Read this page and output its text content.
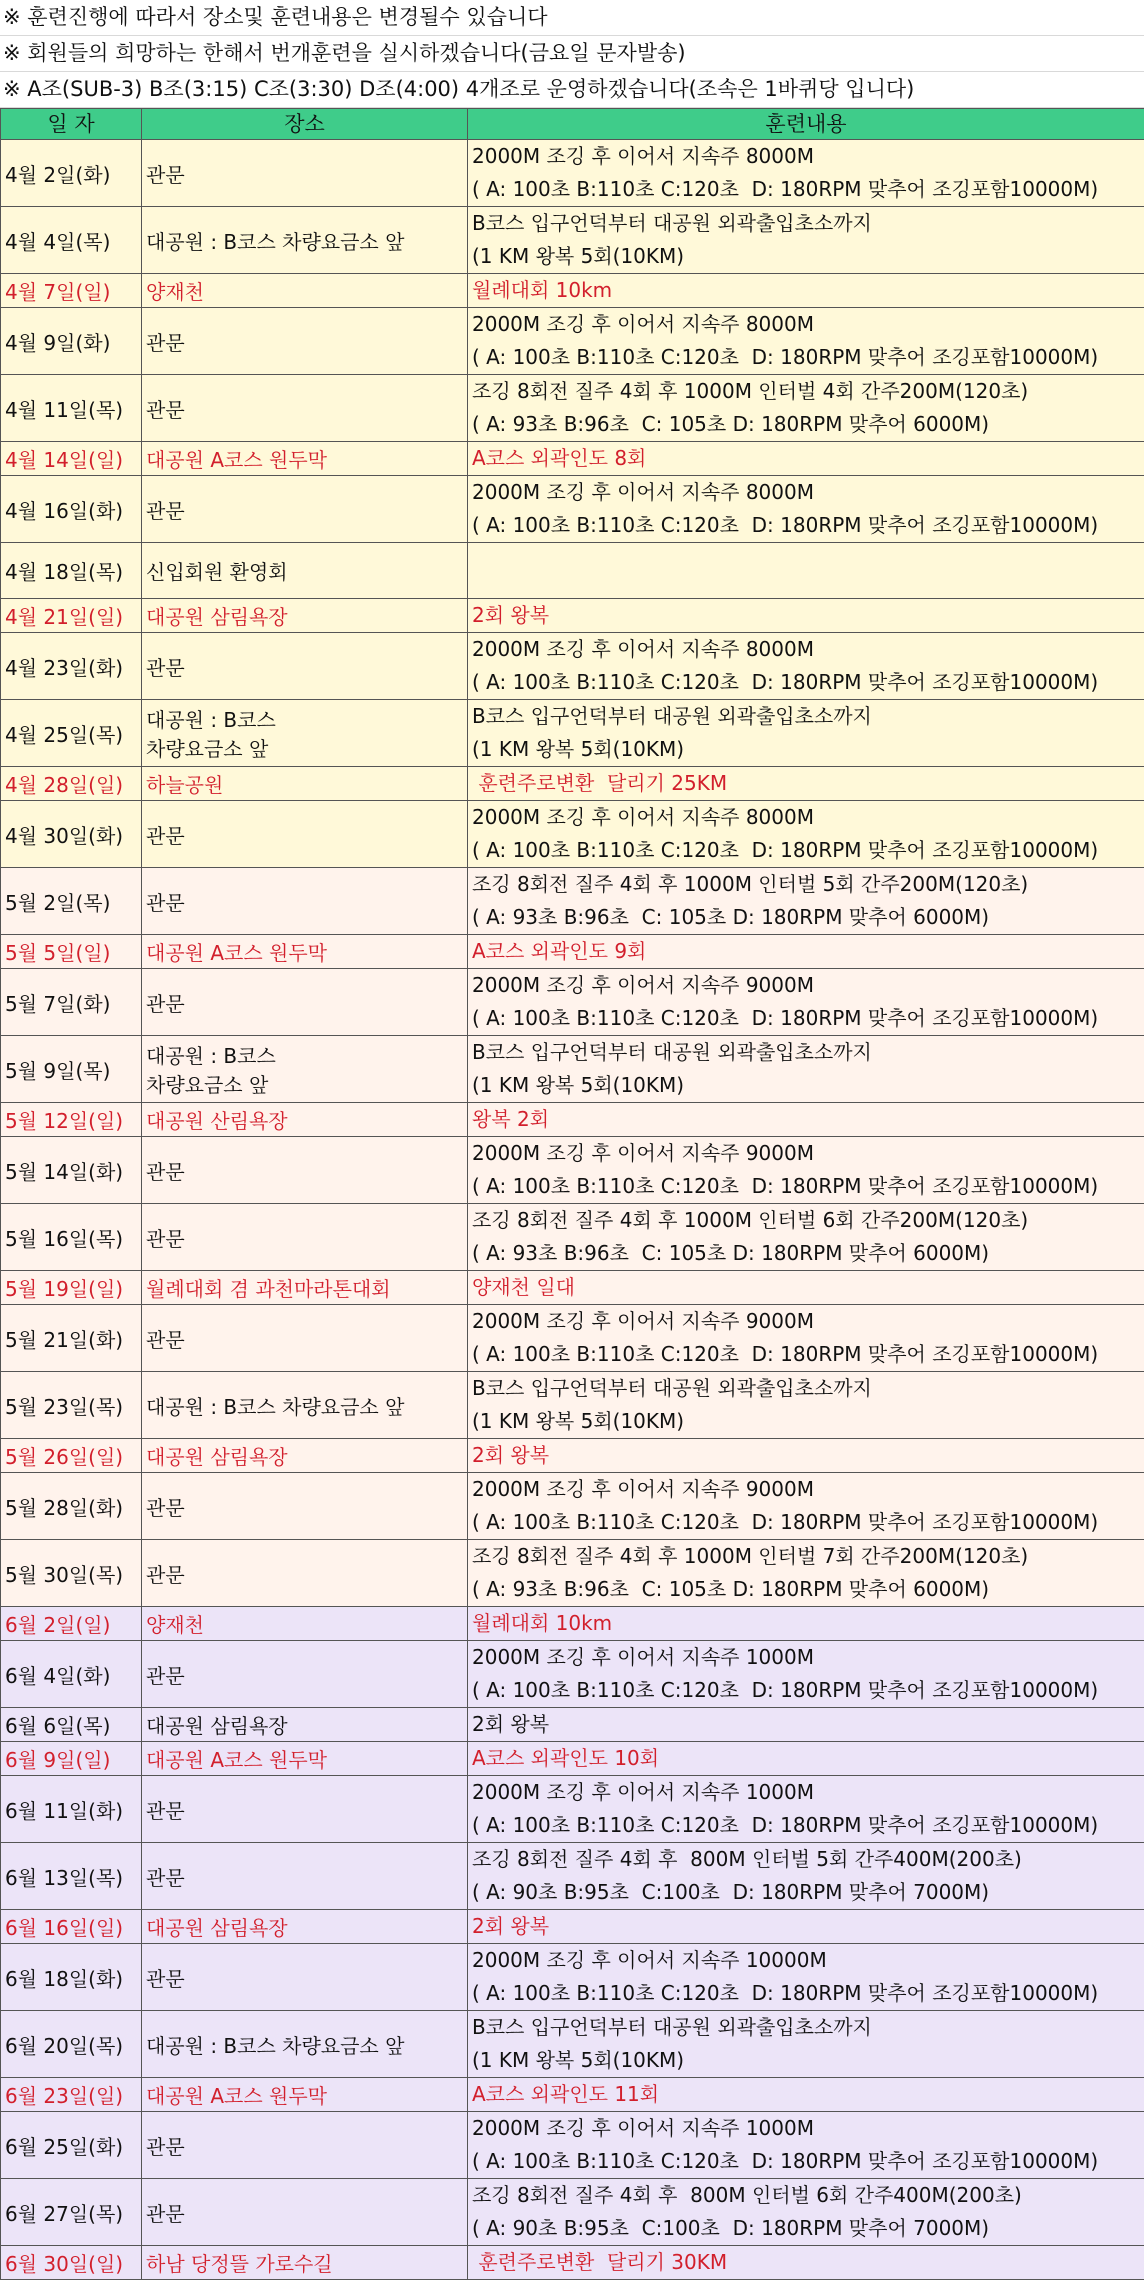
※ 훈련진행에 따라서 장소및 훈련내용은 변경될수 있습니다
※ 회원들의 희망하는 한해서 번개훈련을 실시하겠습니다(금요일 문자발송)
※ A조(SUB-3) B조(3:15) C조(3:30) D조(4:00) 4개조로 운영하겠습니다(조속은 1바퀴당 입니다)
일 자	장소	훈련내용
4월 2일(화)	관문	2000M 조깅 후 이어서 지속주 8000M
( A: 100초 B:110초 C:120초  D: 180RPM 맞추어 조깅포함10000M)

4월 4일(목)	대공원 : B코스 차량요금소 앞	B코스 입구언덕부터 대공원 외곽출입초소까지
(1 KM 왕복 5회(10KM)

4월 7일(일)	양재천	월례대회 10km

4월 9일(화)	관문	2000M 조깅 후 이어서 지속주 8000M
( A: 100초 B:110초 C:120초  D: 180RPM 맞추어 조깅포함10000M)

4월 11일(목)	관문	조깅 8회전 질주 4회 후 1000M 인터벌 4회 간주200M(120초)
( A: 93초 B:96초  C: 105초 D: 180RPM 맞추어 6000M)

4월 14일(일)	대공원 A코스 원두막	A코스 외곽인도 8회

4월 16일(화)	관문	2000M 조깅 후 이어서 지속주 8000M
( A: 100초 B:110초 C:120초  D: 180RPM 맞추어 조깅포함10000M)

4월 18일(목)	신입회원 환영회	
4월 21일(일)	대공원 삼림욕장	2회 왕복

4월 23일(화)	관문	2000M 조깅 후 이어서 지속주 8000M
( A: 100초 B:110초 C:120초  D: 180RPM 맞추어 조깅포함10000M)

4월 25일(목)	대공원 : B코스
차량요금소 앞	B코스 입구언덕부터 대공원 외곽출입초소까지
(1 KM 왕복 5회(10KM)

4월 28일(일)	하늘공원	훈련주로변환  달리기 25KM

4월 30일(화)	관문	2000M 조깅 후 이어서 지속주 8000M
( A: 100초 B:110초 C:120초  D: 180RPM 맞추어 조깅포함10000M)

5월 2일(목)	관문	조깅 8회전 질주 4회 후 1000M 인터벌 5회 간주200M(120초)
( A: 93초 B:96초  C: 105초 D: 180RPM 맞추어 6000M)

5월 5일(일)	대공원 A코스 원두막	A코스 외곽인도 9회

5월 7일(화)	관문	2000M 조깅 후 이어서 지속주 9000M
( A: 100초 B:110초 C:120초  D: 180RPM 맞추어 조깅포함10000M)

5월 9일(목)	대공원 : B코스
차량요금소 앞	B코스 입구언덕부터 대공원 외곽출입초소까지
(1 KM 왕복 5회(10KM)

5월 12일(일)	대공원 산림욕장	왕복 2회

5월 14일(화)	관문	2000M 조깅 후 이어서 지속주 9000M
( A: 100초 B:110초 C:120초  D: 180RPM 맞추어 조깅포함10000M)

5월 16일(목)	관문	조깅 8회전 질주 4회 후 1000M 인터벌 6회 간주200M(120초)
( A: 93초 B:96초  C: 105초 D: 180RPM 맞추어 6000M)

5월 19일(일)	월례대회 겸 과천마라톤대회	양재천 일대

5월 21일(화)	관문	2000M 조깅 후 이어서 지속주 9000M
( A: 100초 B:110초 C:120초  D: 180RPM 맞추어 조깅포함10000M)

5월 23일(목)	대공원 : B코스 차량요금소 앞	B코스 입구언덕부터 대공원 외곽출입초소까지
(1 KM 왕복 5회(10KM)

5월 26일(일)	대공원 삼림욕장	2회 왕복

5월 28일(화)	관문	2000M 조깅 후 이어서 지속주 9000M
( A: 100초 B:110초 C:120초  D: 180RPM 맞추어 조깅포함10000M)

5월 30일(목)	관문	조깅 8회전 질주 4회 후 1000M 인터벌 7회 간주200M(120초)
( A: 93초 B:96초  C: 105초 D: 180RPM 맞추어 6000M)

6월 2일(일)	양재천	월례대회 10km

6월 4일(화)	관문	2000M 조깅 후 이어서 지속주 1000M
( A: 100초 B:110초 C:120초  D: 180RPM 맞추어 조깅포함10000M)

6월 6일(목)	대공원 삼림욕장	2회 왕복

6월 9일(일)	대공원 A코스 원두막	A코스 외곽인도 10회

6월 11일(화)	관문	2000M 조깅 후 이어서 지속주 1000M
( A: 100초 B:110초 C:120초  D: 180RPM 맞추어 조깅포함10000M)

6월 13일(목)	관문	조깅 8회전 질주 4회 후  800M 인터벌 5회 간주400M(200초)
( A: 90초 B:95초  C:100초  D: 180RPM 맞추어 7000M)

6월 16일(일)	대공원 삼림욕장	2회 왕복

6월 18일(화)	관문	2000M 조깅 후 이어서 지속주 10000M
( A: 100초 B:110초 C:120초  D: 180RPM 맞추어 조깅포함10000M)

6월 20일(목)	대공원 : B코스 차량요금소 앞	B코스 입구언덕부터 대공원 외곽출입초소까지
(1 KM 왕복 5회(10KM)

6월 23일(일)	대공원 A코스 원두막	A코스 외곽인도 11회

6월 25일(화)	관문	2000M 조깅 후 이어서 지속주 1000M
( A: 100초 B:110초 C:120초  D: 180RPM 맞추어 조깅포함10000M)

6월 27일(목)	관문	조깅 8회전 질주 4회 후  800M 인터벌 6회 간주400M(200초)
( A: 90초 B:95초  C:100초  D: 180RPM 맞추어 7000M)

6월 30일(일)	하남 당정뜰 가로수길	훈련주로변환  달리기 30KM
